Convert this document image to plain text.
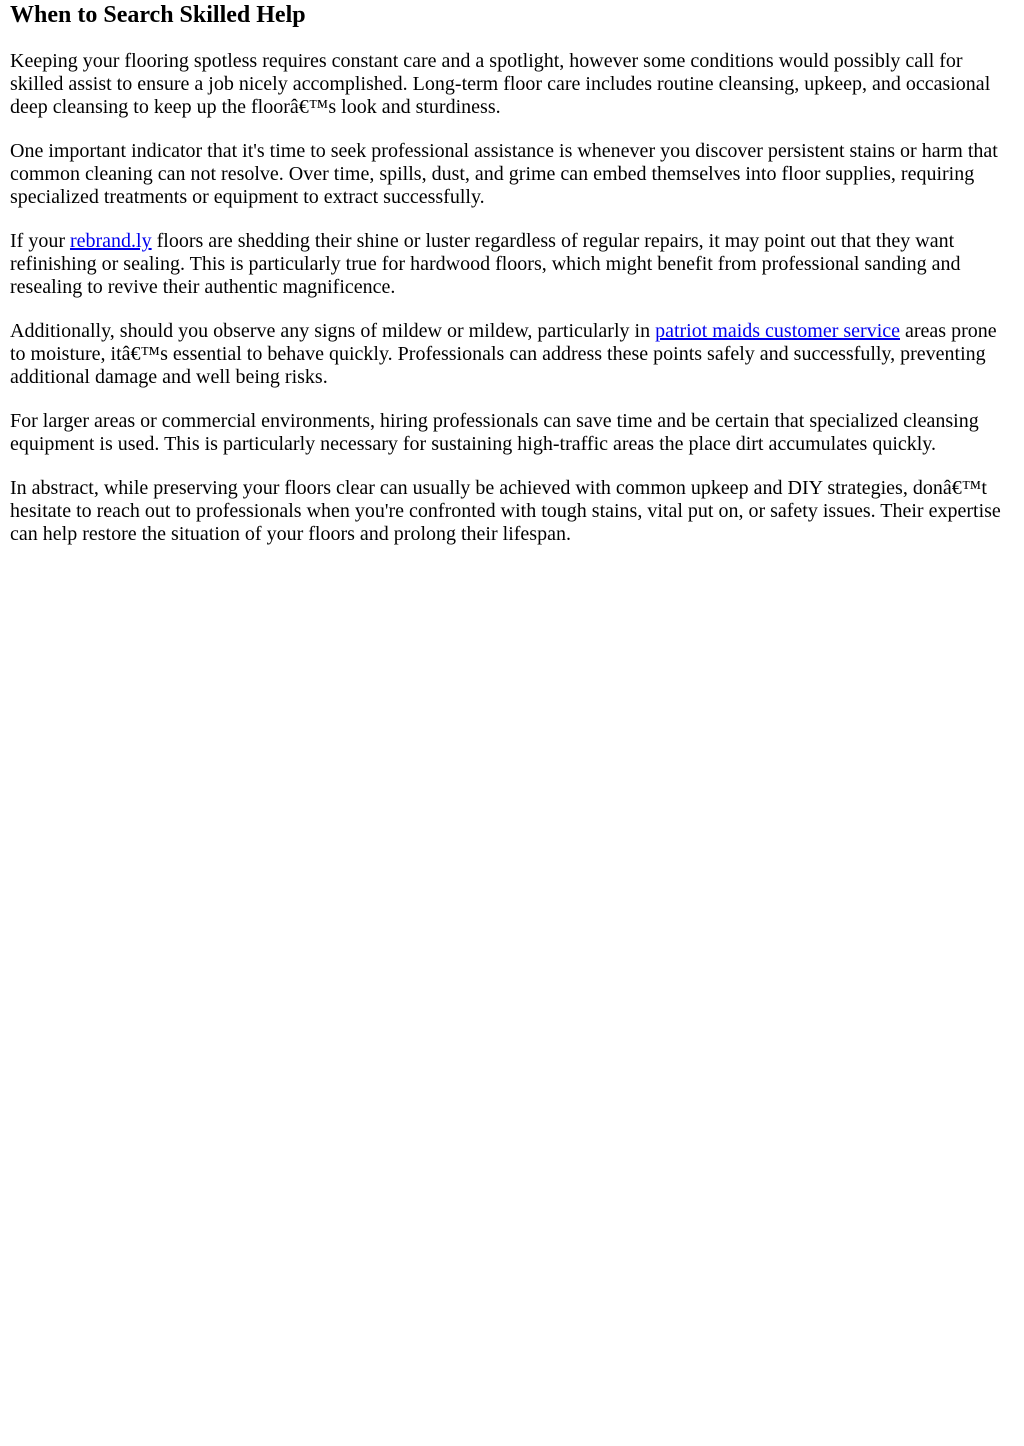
When to Search Skilled Help

Keeping your flooring spotless requires constant care and a spotlight, however some conditions would possibly call for skilled assist to ensure a job nicely accomplished. Long-term floor care includes routine cleansing, upkeep, and occasional deep cleansing to keep up the floorâ€™s look and sturdiness.

One important indicator that it's time to seek professional assistance is whenever you discover persistent stains or harm that common cleaning can not resolve. Over time, spills, dust, and grime can embed themselves into floor supplies, requiring specialized treatments or equipment to extract successfully.

If your rebrand.ly floors are shedding their shine or luster regardless of regular repairs, it may point out that they want refinishing or sealing. This is particularly true for hardwood floors, which might benefit from professional sanding and resealing to revive their authentic magnificence.

Additionally, should you observe any signs of mildew or mildew, particularly in patriot maids customer service areas prone to moisture, itâ€™s essential to behave quickly. Professionals can address these points safely and successfully, preventing additional damage and well being risks.

For larger areas or commercial environments, hiring professionals can save time and be certain that specialized cleansing equipment is used. This is particularly necessary for sustaining high-traffic areas the place dirt accumulates quickly.

In abstract, while preserving your floors clear can usually be achieved with common upkeep and DIY strategies, donâ€™t hesitate to reach out to professionals when you're confronted with tough stains, vital put on, or safety issues. Their expertise can help restore the situation of your floors and prolong their lifespan.
